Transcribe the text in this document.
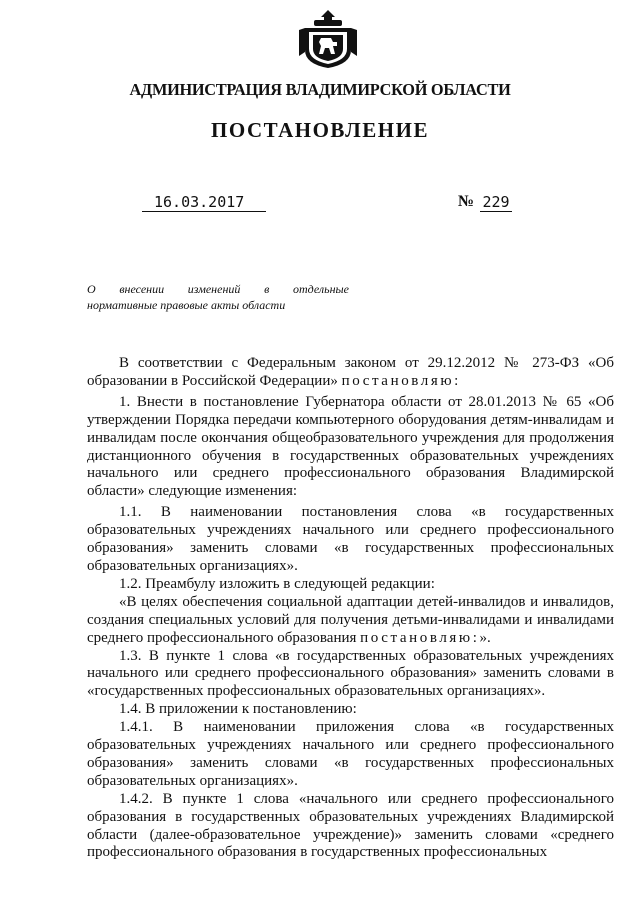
АДМИНИСТРАЦИЯ ВЛАДИМИРСКОЙ ОБЛАСТИ
ПОСТАНОВЛЕНИЕ
16.03.2017	№ 229
О внесении изменений в отдельные
нормативные правовые акты области

В соответствии с Федеральным законом от 29.12.2012 № 273-ФЗ «Об образовании в Российской Федерации» постановляю:

1. Внести в постановление Губернатора области от 28.01.2013 № 65 «Об утверждении Порядка передачи компьютерного оборудования детям-инвалидам и инвалидам после окончания общеобразовательного учреждения для продолжения дистанционного обучения в государственных образовательных учреждениях начального или среднего профессионального образования Владимирской области» следующие изменения:

1.1. В наименовании постановления слова «в государственных образовательных учреждениях начального или среднего профессионального образования» заменить словами «в государственных профессиональных образовательных организациях».

1.2. Преамбулу изложить в следующей редакции:

«В целях обеспечения социальной адаптации детей-инвалидов и инвалидов, создания специальных условий для получения детьми-инвалидами и инвалидами среднего профессионального образования постановляю:».

1.3. В пункте 1 слова «в государственных образовательных учреждениях начального или среднего профессионального образования» заменить словами в «государственных профессиональных образовательных организациях».

1.4. В приложении к постановлению:

1.4.1. В наименовании приложения слова «в государственных образовательных учреждениях начального или среднего профессионального образования» заменить словами «в государственных профессиональных образовательных организациях».

1.4.2. В пункте 1 слова «начального или среднего профессионального образования в государственных образовательных учреждениях Владимирской области (далее-образовательное учреждение)» заменить словами «среднего профессионального образования в государственных профессиональных
